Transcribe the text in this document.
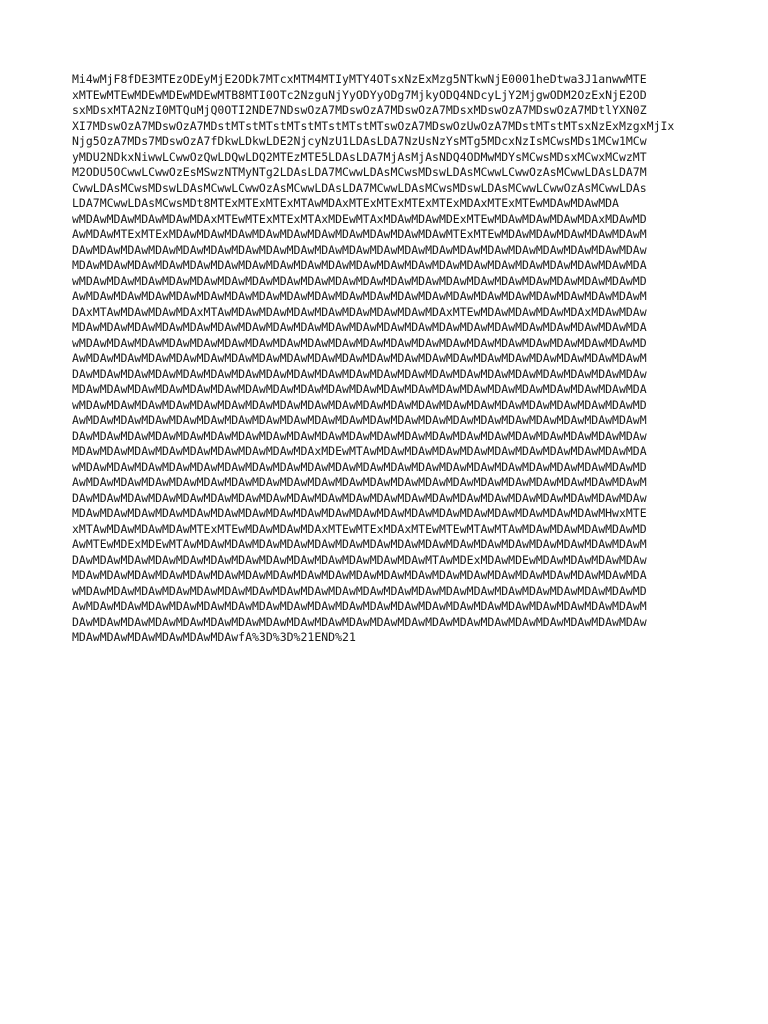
Mi4wMjF8fDE3MTEzODEyMjE2ODk7MTcxMTM4MTIyMTY4OTsxNzExMzg5NTkwNjE0001heDtwa3J1anwwMTE
xMTEwMTEwMDEwMDEwMDEwMTB8MTI0OTc2NzguNjYyODYyODg7MjkyODQ4NDcyLjY2MjgwODM2OzExNjE2OD
sxMDsxMTA2NzI0MTQuMjQ0OTI2NDE7NDswOzA7MDswOzA7MDswOzA7MDsxMDswOzA7MDswOzA7MDtlYXN0Z
XI7MDswOzA7MDswOzA7MDstMTstMTstMTstMTstMTstMTswOzA7MDswOzUwOzA7MDstMTstMTsxNzExMzgxMjIx
Njg5OzA7MDs7MDswOzA7fDkwLDkwLDE2NjcyNzU1LDAsLDA7NzUsNzYsMTg5MDcxNzIsMCwsMDs1MCw1MCw
yMDU2NDkxNiwwLCwwOzQwLDQwLDQ2MTEzMTE5LDAsLDA7MjAsMjAsNDQ4ODMwMDYsMCwsMDsxMCwxMCwzMT
M2ODU5OCwwLCwwOzEsMSwzNTMyNTg2LDAsLDA7MCwwLDAsMCwsMDswLDAsMCwwLCwwOzAsMCwwLDAsLDA7M
CwwLDAsMCwsMDswLDAsMCwwLCwwOzAsMCwwLDAsLDA7MCwwLDAsMCwsMDswLDAsMCwwLCwwOzAsMCwwLDAs
LDA7MCwwLDAsMCwsMDt8MTExMTExMTExMTAwMDAxMTExMTExMTExMTExMDAxMTExMTEwMDAwMDAwMDA
wMDAwMDAwMDAwMDAwMDAxMTEwMTExMTExMTAxMDEwMTAxMDAwMDAwMDExMTEwMDAwMDAwMDAwMDAxMDAwMD
AwMDAwMTExMTExMDAwMDAwMDAwMDAwMDAwMDAwMDAwMDAwMDAwMDAwMTExMTEwMDAwMDAwMDAwMDAwMDAwM
DAwMDAwMDAwMDAwMDAwMDAwMDAwMDAwMDAwMDAwMDAwMDAwMDAwMDAwMDAwMDAwMDAwMDAwMDAwMDAwMDAw
MDAwMDAwMDAwMDAwMDAwMDAwMDAwMDAwMDAwMDAwMDAwMDAwMDAwMDAwMDAwMDAwMDAwMDAwMDAwMDAwMDA
wMDAwMDAwMDAwMDAwMDAwMDAwMDAwMDAwMDAwMDAwMDAwMDAwMDAwMDAwMDAwMDAwMDAwMDAwMDAwMDAwMD
AwMDAwMDAwMDAwMDAwMDAwMDAwMDAwMDAwMDAwMDAwMDAwMDAwMDAwMDAwMDAwMDAwMDAwMDAwMDAwMDAwM
DAxMTAwMDAwMDAwMDAxMTAwMDAwMDAwMDAwMDAwMDAwMDAwMDAwMDAxMTEwMDAwMDAwMDAwMDAxMDAwMDAw
MDAwMDAwMDAwMDAwMDAwMDAwMDAwMDAwMDAwMDAwMDAwMDAwMDAwMDAwMDAwMDAwMDAwMDAwMDAwMDAwMDA
wMDAwMDAwMDAwMDAwMDAwMDAwMDAwMDAwMDAwMDAwMDAwMDAwMDAwMDAwMDAwMDAwMDAwMDAwMDAwMDAwMD
AwMDAwMDAwMDAwMDAwMDAwMDAwMDAwMDAwMDAwMDAwMDAwMDAwMDAwMDAwMDAwMDAwMDAwMDAwMDAwMDAwM
DAwMDAwMDAwMDAwMDAwMDAwMDAwMDAwMDAwMDAwMDAwMDAwMDAwMDAwMDAwMDAwMDAwMDAwMDAwMDAwMDAw
MDAwMDAwMDAwMDAwMDAwMDAwMDAwMDAwMDAwMDAwMDAwMDAwMDAwMDAwMDAwMDAwMDAwMDAwMDAwMDAwMDA
wMDAwMDAwMDAwMDAwMDAwMDAwMDAwMDAwMDAwMDAwMDAwMDAwMDAwMDAwMDAwMDAwMDAwMDAwMDAwMDAwMD
AwMDAwMDAwMDAwMDAwMDAwMDAwMDAwMDAwMDAwMDAwMDAwMDAwMDAwMDAwMDAwMDAwMDAwMDAwMDAwMDAwM
DAwMDAwMDAwMDAwMDAwMDAwMDAwMDAwMDAwMDAwMDAwMDAwMDAwMDAwMDAwMDAwMDAwMDAwMDAwMDAwMDAw
MDAwMDAwMDAwMDAwMDAwMDAwMDAwMDAwMDAxMDEwMTAwMDAwMDAwMDAwMDAwMDAwMDAwMDAwMDAwMDAwMDA
wMDAwMDAwMDAwMDAwMDAwMDAwMDAwMDAwMDAwMDAwMDAwMDAwMDAwMDAwMDAwMDAwMDAwMDAwMDAwMDAwMD
AwMDAwMDAwMDAwMDAwMDAwMDAwMDAwMDAwMDAwMDAwMDAwMDAwMDAwMDAwMDAwMDAwMDAwMDAwMDAwMDAwM
DAwMDAwMDAwMDAwMDAwMDAwMDAwMDAwMDAwMDAwMDAwMDAwMDAwMDAwMDAwMDAwMDAwMDAwMDAwMDAwMDAw
MDAwMDAwMDAwMDAwMDAwMDAwMDAwMDAwMDAwMDAwMDAwMDAwMDAwMDAwMDAwMDAwMDAwMDAwMDAwMHwxMTE
xMTAwMDAwMDAwMDAwMTExMTEwMDAwMDAwMDAxMTEwMTExMDAxMTEwMTEwMTAwMTAwMDAwMDAwMDAwMDAwMD
AwMTEwMDExMDEwMTAwMDAwMDAwMDAwMDAwMDAwMDAwMDAwMDAwMDAwMDAwMDAwMDAwMDAwMDAwMDAwMDAwM
DAwMDAwMDAwMDAwMDAwMDAwMDAwMDAwMDAwMDAwMDAwMDAwMDAwMTAwMDExMDAwMDEwMDAwMDAwMDAwMDAw
MDAwMDAwMDAwMDAwMDAwMDAwMDAwMDAwMDAwMDAwMDAwMDAwMDAwMDAwMDAwMDAwMDAwMDAwMDAwMDAwMDA
wMDAwMDAwMDAwMDAwMDAwMDAwMDAwMDAwMDAwMDAwMDAwMDAwMDAwMDAwMDAwMDAwMDAwMDAwMDAwMDAwMD
AwMDAwMDAwMDAwMDAwMDAwMDAwMDAwMDAwMDAwMDAwMDAwMDAwMDAwMDAwMDAwMDAwMDAwMDAwMDAwMDAwM
DAwMDAwMDAwMDAwMDAwMDAwMDAwMDAwMDAwMDAwMDAwMDAwMDAwMDAwMDAwMDAwMDAwMDAwMDAwMDAwMDAw
MDAwMDAwMDAwMDAwMDAwMDAwfA%3D%3D%21END%21
